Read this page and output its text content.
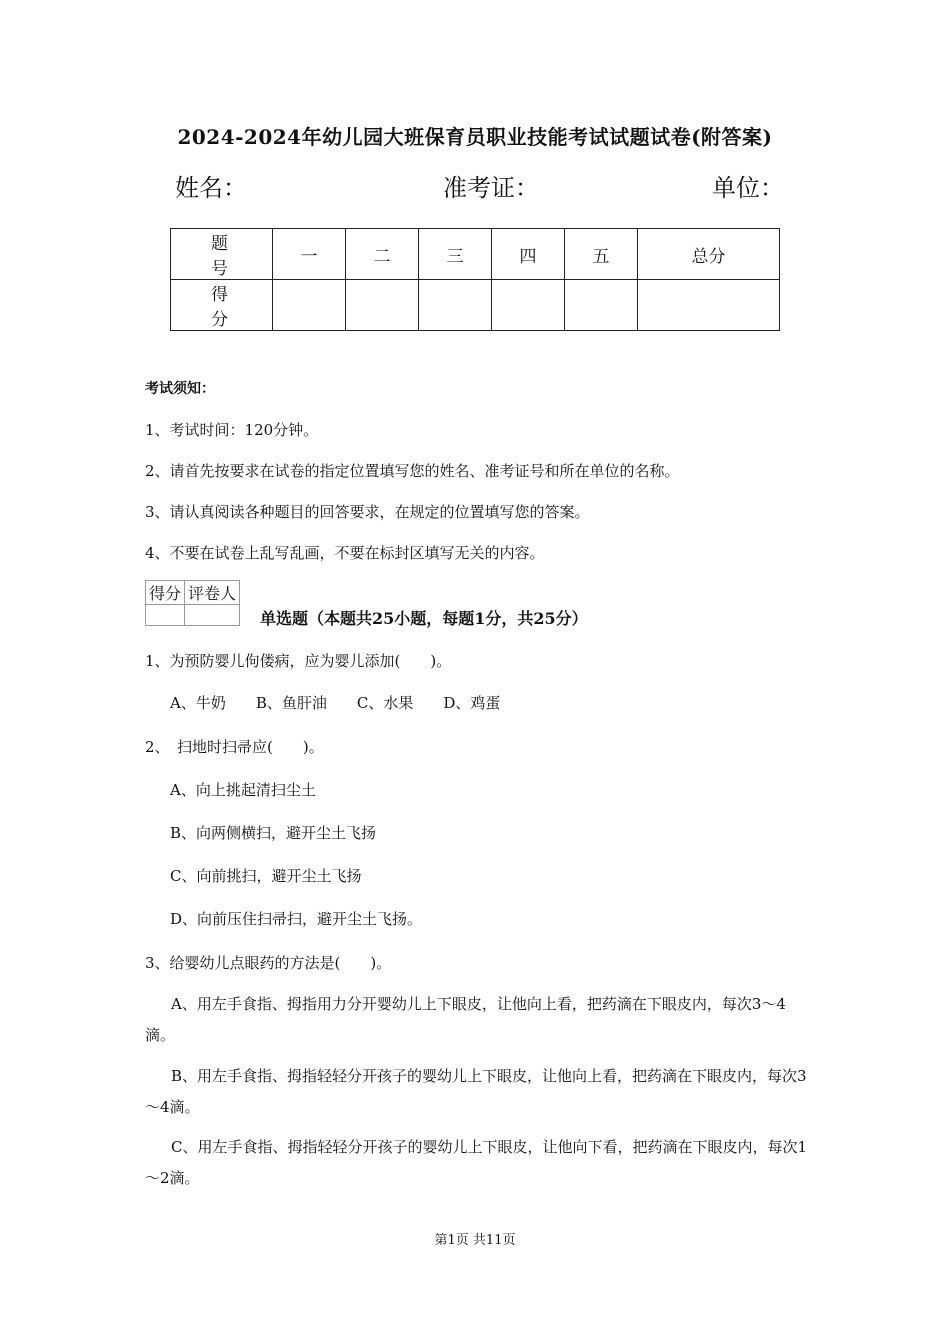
2024-2024年幼儿园大班保育员职业技能考试试题试卷(附答案)
姓名：	准考证：	单位：
题 号	一	二	三	四	五	总分
得 分						
考试须知：
1、考试时间：120分钟。
2、请首先按要求在试卷的指定位置填写您的姓名、准考证号和所在单位的名称。
3、请认真阅读各种题目的回答要求，在规定的位置填写您的答案。
4、不要在试卷上乱写乱画，不要在标封区填写无关的内容。
得分	评卷人

单选题（本题共25小题，每题1分，共25分）
1、为预防婴儿佝偻病，应为婴儿添加(　　)。
A、牛奶　　B、鱼肝油　　C、水果　　D、鸡蛋
2、　扫地时扫帚应(　　)。
A、向上挑起清扫尘土
B、向两侧横扫，避开尘土飞扬
C、向前挑扫，避开尘土飞扬
D、向前压住扫帚扫，避开尘土飞扬。
3、给婴幼儿点眼药的方法是(　　)。
A、用左手食指、拇指用力分开婴幼儿上下眼皮，让他向上看，把药滴在下眼皮内，每次3～4滴。
B、用左手食指、拇指轻轻分开孩子的婴幼儿上下眼皮，让他向上看，把药滴在下眼皮内，每次3～4滴。
C、用左手食指、拇指轻轻分开孩子的婴幼儿上下眼皮，让他向下看，把药滴在下眼皮内，每次1～2滴。
第1页 共11页
